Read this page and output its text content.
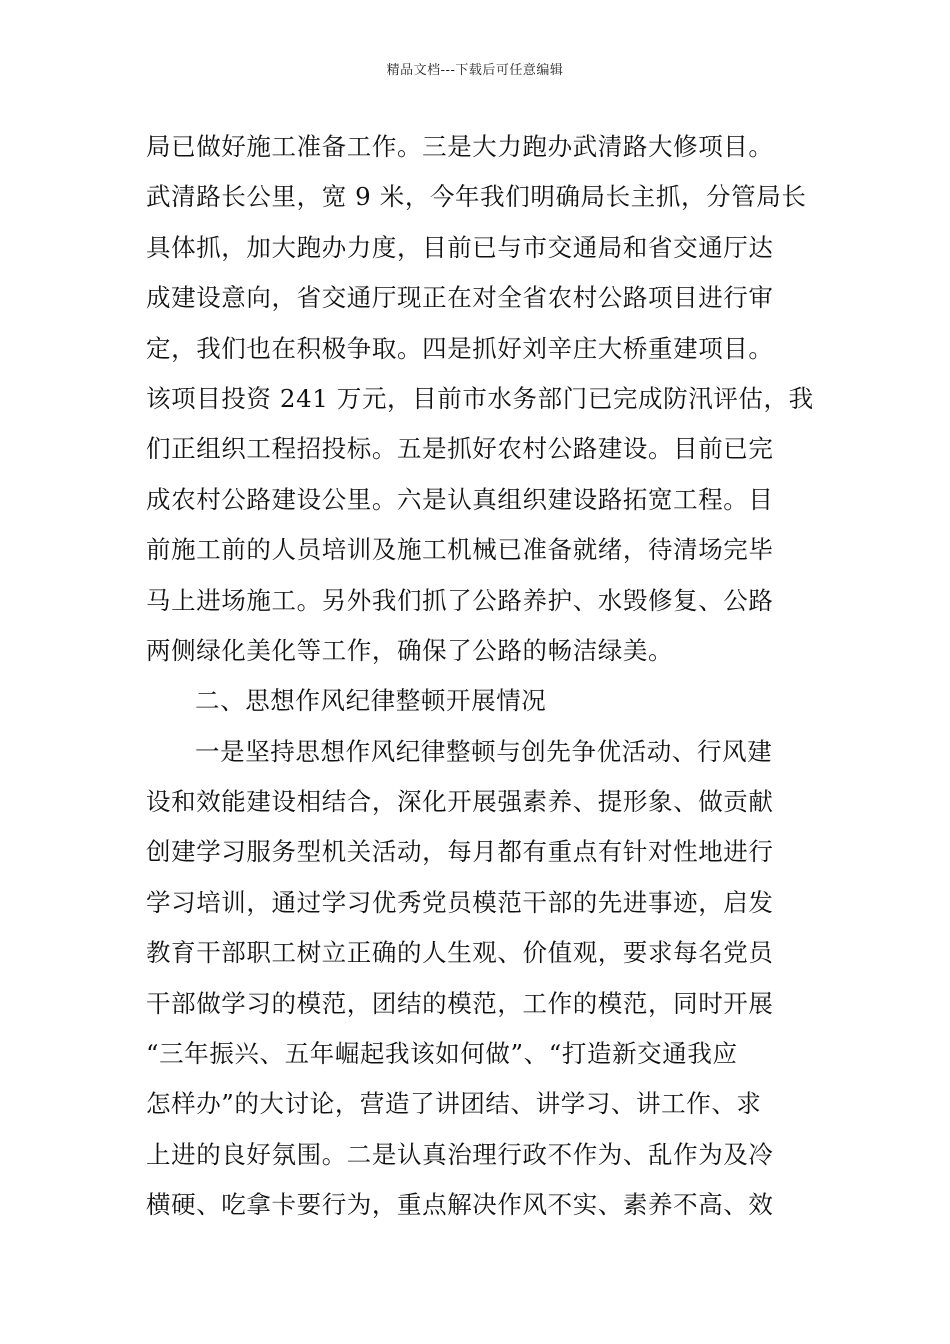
精品文档---下载后可任意编辑
局已做好施工准备工作。三是大力跑办武清路大修项目。
武清路长公里，宽 9 米，今年我们明确局长主抓，分管局长
具体抓，加大跑办力度，目前已与市交通局和省交通厅达
成建设意向，省交通厅现正在对全省农村公路项目进行审
定，我们也在积极争取。四是抓好刘辛庄大桥重建项目。
该项目投资 241 万元，目前市水务部门已完成防汛评估，我
们正组织工程招投标。五是抓好农村公路建设。目前已完
成农村公路建设公里。六是认真组织建设路拓宽工程。目
前施工前的人员培训及施工机械已准备就绪，待清场完毕
马上进场施工。另外我们抓了公路养护、水毁修复、公路
两侧绿化美化等工作，确保了公路的畅洁绿美。
二、思想作风纪律整顿开展情况
一是坚持思想作风纪律整顿与创先争优活动、行风建
设和效能建设相结合，深化开展强素养、提形象、做贡献
创建学习服务型机关活动，每月都有重点有针对性地进行
学习培训，通过学习优秀党员模范干部的先进事迹，启发
教育干部职工树立正确的人生观、价值观，要求每名党员
干部做学习的模范，团结的模范，工作的模范，同时开展
“三年振兴、五年崛起我该如何做”、“打造新交通我应
怎样办”的大讨论，营造了讲团结、讲学习、讲工作、求
上进的良好氛围。二是认真治理行政不作为、乱作为及冷
横硬、吃拿卡要行为，重点解决作风不实、素养不高、效
